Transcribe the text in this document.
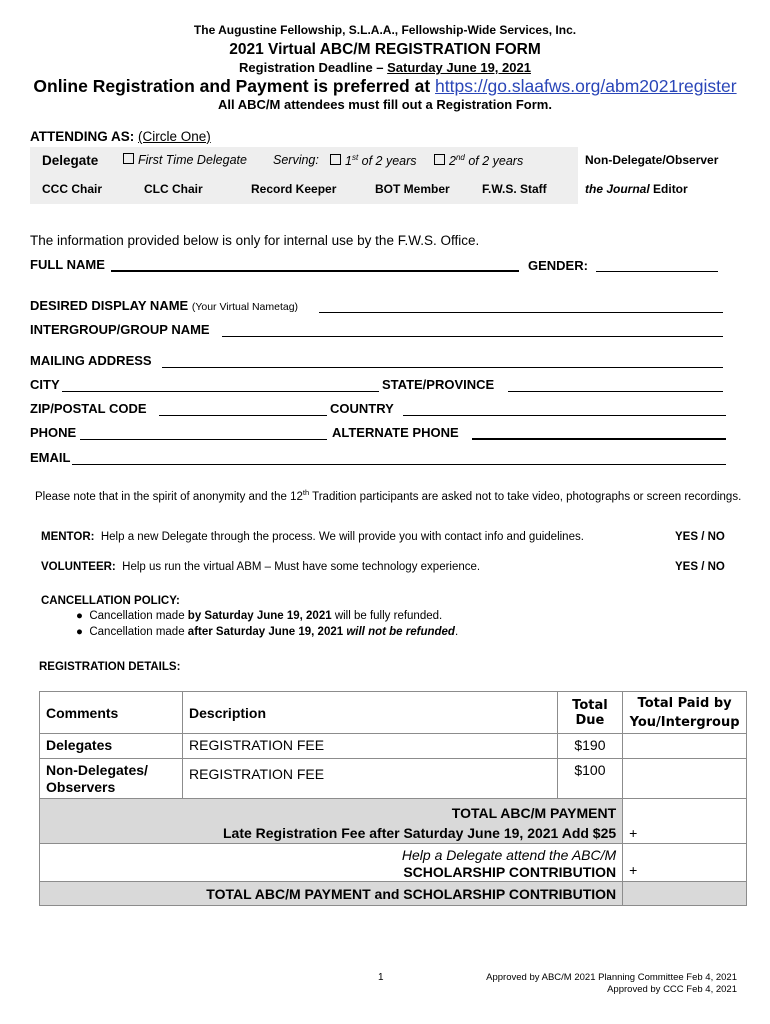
The Augustine Fellowship, S.L.A.A., Fellowship-Wide Services, Inc.
2021 Virtual ABC/M REGISTRATION FORM
Registration Deadline – Saturday June 19, 2021
Online Registration and Payment is preferred at https://go.slaafws.org/abm2021register
All ABC/M attendees must fill out a Registration Form.
ATTENDING AS: (Circle One)
Delegate	First Time Delegate Serving:	1st of 2 years	2nd of 2 years	Non-Delegate/Observer
CCC Chair	CLC Chair	Record Keeper	BOT Member	F.W.S. Staff	the Journal Editor
The information provided below is only for internal use by the F.W.S. Office.
FULL NAME	GENDER:
DESIRED DISPLAY NAME (Your Virtual Nametag)
INTERGROUP/GROUP NAME
MAILING ADDRESS
CITY	STATE/PROVINCE
ZIP/POSTAL CODE	COUNTRY
PHONE	ALTERNATE PHONE
EMAIL
Please note that in the spirit of anonymity and the 12th Tradition participants are asked not to take video, photographs or screen recordings.
MENTOR: Help a new Delegate through the process. We will provide you with contact info and guidelines.	YES / NO
VOLUNTEER: Help us run the virtual ABM – Must have some technology experience.	YES / NO
CANCELLATION POLICY:
● Cancellation made by Saturday June 19, 2021 will be fully refunded.
● Cancellation made after Saturday June 19, 2021 will not be refunded.
REGISTRATION DETAILS:
Comments	Description	Total Due	Total Paid by
You/Intergroup
Delegates	REGISTRATION FEE	$190	
Non-Delegates/
Observers	REGISTRATION FEE	$100	
TOTAL ABC/M PAYMENT
Late Registration Fee after Saturday June 19, 2021 Add $25			+
Help a Delegate attend the ABC/M
SCHOLARSHIP CONTRIBUTION			+
TOTAL ABC/M PAYMENT and SCHOLARSHIP CONTRIBUTION			
1	Approved by ABC/M 2021 Planning Committee Feb 4, 2021
Approved by CCC Feb 4, 2021
